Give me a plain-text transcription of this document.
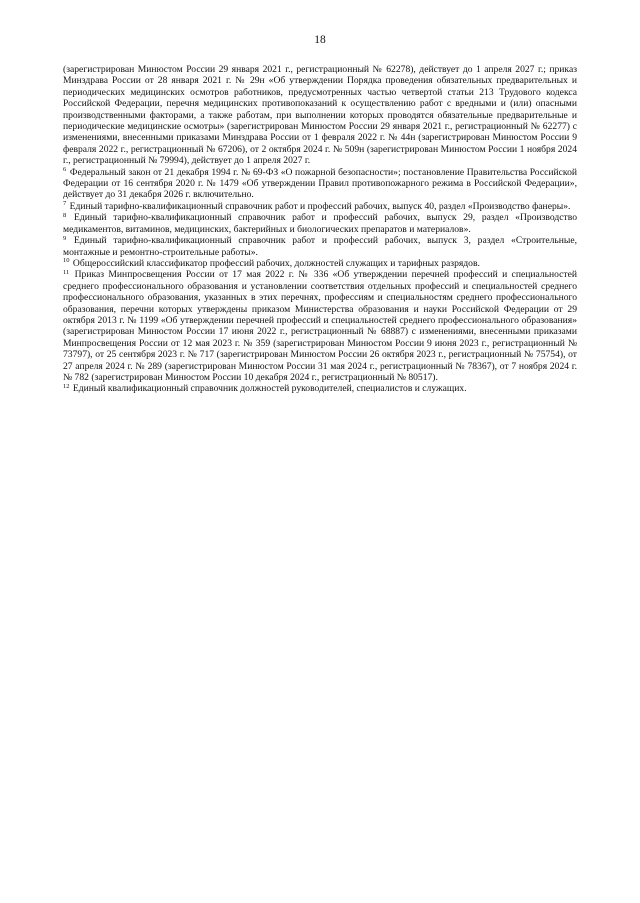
18

(зарегистрирован Минюстом России 29 января 2021 г., регистрационный № 62278), действует до 1 апреля 2027 г.; приказ Минздрава России от 28 января 2021 г. № 29н «Об утверждении Порядка проведения обязательных предварительных и периодических медицинских осмотров работников, предусмотренных частью четвертой статьи 213 Трудового кодекса Российской Федерации, перечня медицинских противопоказаний к осуществлению работ с вредными и (или) опасными производственными факторами, а также работам, при выполнении которых проводятся обязательные предварительные и периодические медицинские осмотры» (зарегистрирован Минюстом России 29 января 2021 г., регистрационный № 62277) с изменениями, внесенными приказами Минздрава России от 1 февраля 2022 г. № 44н (зарегистрирован Минюстом России 9 февраля 2022 г., регистрационный № 67206), от 2 октября 2024 г. № 509н (зарегистрирован Минюстом России 1 ноября 2024 г., регистрационный № 79994), действует до 1 апреля 2027 г.

$^6$ Федеральный закон от 21 декабря 1994 г. № 69-ФЗ «О пожарной безопасности»; постановление Правительства Российской Федерации от 16 сентября 2020 г. № 1479 «Об утверждении Правил противопожарного режима в Российской Федерации», действует до 31 декабря 2026 г. включительно.

$^7$ Единый тарифно-квалификационный справочник работ и профессий рабочих, выпуск 40, раздел «Производство фанеры».

$^8$ Единый тарифно-квалификационный справочник работ и профессий рабочих, выпуск 29, раздел «Производство медикаментов, витаминов, медицинских, бактерийных и биологических препаратов и материалов».

$^9$ Единый тарифно-квалификационный справочник работ и профессий рабочих, выпуск 3, раздел «Строительные, монтажные и ремонтно-строительные работы».

$^{10}$ Общероссийский классификатор профессий рабочих, должностей служащих и тарифных разрядов.

$^{11}$ Приказ Минпросвещения России от 17 мая 2022 г. № 336 «Об утверждении перечней профессий и специальностей среднего профессионального образования и установлении соответствия отдельных профессий и специальностей среднего профессионального образования, указанных в этих перечнях, профессиям и специальностям среднего профессионального образования, перечни которых утверждены приказом Министерства образования и науки Российской Федерации от 29 октября 2013 г. № 1199 «Об утверждении перечней профессий и специальностей среднего профессионального образования» (зарегистрирован Минюстом России 17 июня 2022 г., регистрационный № 68887) с изменениями, внесенными приказами Минпросвещения России от 12 мая 2023 г. № 359 (зарегистрирован Минюстом России 9 июня 2023 г., регистрационный № 73797), от 25 сентября 2023 г. № 717 (зарегистрирован Минюстом России 26 октября 2023 г., регистрационный № 75754), от 27 апреля 2024 г. № 289 (зарегистрирован Минюстом России 31 мая 2024 г., регистрационный № 78367), от 7 ноября 2024 г. № 782 (зарегистрирован Минюстом России 10 декабря 2024 г., регистрационный № 80517).

$^{12}$ Единый квалификационный справочник должностей руководителей, специалистов и служащих.
